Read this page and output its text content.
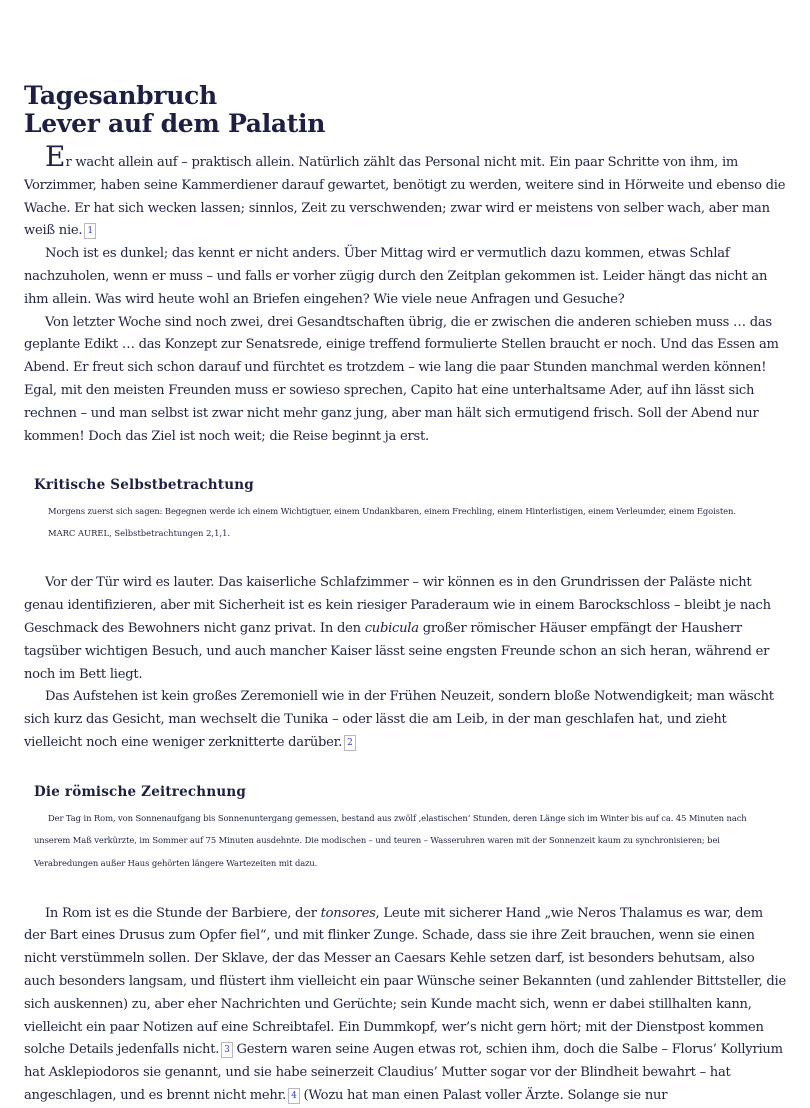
Tagesanbruch
Lever auf dem Palatin

Er wacht allein auf – praktisch allein. Natürlich zählt das Personal nicht mit. Ein paar Schritte von ihm, im Vorzimmer, haben seine Kammerdiener darauf gewartet, benötigt zu werden, weitere sind in Hörweite und ebenso die Wache. Er hat sich wecken lassen; sinnlos, Zeit zu verschwenden; zwar wird er meistens von selber wach, aber man weiß nie. 1

Noch ist es dunkel; das kennt er nicht anders. Über Mittag wird er vermutlich dazu kommen, etwas Schlaf nachzuholen, wenn er muss – und falls er vorher zügig durch den Zeitplan gekommen ist. Leider hängt das nicht an ihm allein. Was wird heute wohl an Briefen eingehen? Wie viele neue Anfragen und Gesuche?

Von letzter Woche sind noch zwei, drei Gesandtschaften übrig, die er zwischen die anderen schieben muss … das geplante Edikt … das Konzept zur Senatsrede, einige treffend formulierte Stellen braucht er noch. Und das Essen am Abend. Er freut sich schon darauf und fürchtet es trotzdem – wie lang die paar Stunden manchmal werden können! Egal, mit den meisten Freunden muss er sowieso sprechen, Capito hat eine unterhaltsame Ader, auf ihn lässt sich rechnen – und man selbst ist zwar nicht mehr ganz jung, aber man hält sich ermutigend frisch. Soll der Abend nur kommen! Doch das Ziel ist noch weit; die Reise beginnt ja erst.

Kritische Selbstbetrachtung

Morgens zuerst sich sagen: Begegnen werde ich einem Wichtigtuer, einem Undankbaren, einem Frechling, einem Hinterlistigen, einem Verleumder, einem Egoisten.

MARC AUREL, Selbstbetrachtungen 2,1,1.

Vor der Tür wird es lauter. Das kaiserliche Schlafzimmer – wir können es in den Grundrissen der Paläste nicht genau identifizieren, aber mit Sicherheit ist es kein riesiger Paraderaum wie in einem Barockschloss – bleibt je nach Geschmack des Bewohners nicht ganz privat. In den cubicula großer römischer Häuser empfängt der Hausherr tagsüber wichtigen Besuch, und auch mancher Kaiser lässt seine engsten Freunde schon an sich heran, während er noch im Bett liegt.

Das Aufstehen ist kein großes Zeremoniell wie in der Frühen Neuzeit, sondern bloße Notwendigkeit; man wäscht sich kurz das Gesicht, man wechselt die Tunika – oder lässt die am Leib, in der man geschlafen hat, und zieht vielleicht noch eine weniger zerknitterte darüber. 2

Die römische Zeitrechnung

Der Tag in Rom, von Sonnenaufgang bis Sonnenuntergang gemessen, bestand aus zwölf ‚elastischen‘ Stunden, deren Länge sich im Winter bis auf ca. 45 Minuten nach unserem Maß verkürzte, im Sommer auf 75 Minuten ausdehnte. Die modischen – und teuren – Wasseruhren waren mit der Sonnenzeit kaum zu synchronisieren; bei Verabredungen außer Haus gehörten längere Wartezeiten mit dazu.

In Rom ist es die Stunde der Barbiere, der tonsores, Leute mit sicherer Hand „wie Neros Thalamus es war, dem der Bart eines Drusus zum Opfer fiel“, und mit flinker Zunge. Schade, dass sie ihre Zeit brauchen, wenn sie einen nicht verstümmeln sollen. Der Sklave, der das Messer an Caesars Kehle setzen darf, ist besonders behutsam, also auch besonders langsam, und flüstert ihm vielleicht ein paar Wünsche seiner Bekannten (und zahlender Bittsteller, die sich auskennen) zu, aber eher Nachrichten und Gerüchte; sein Kunde macht sich, wenn er dabei stillhalten kann, vielleicht ein paar Notizen auf eine Schreibtafel. Ein Dummkopf, wer’s nicht gern hört; mit der Dienstpost kommen solche Details jedenfalls nicht. 3 Gestern waren seine Augen etwas rot, schien ihm, doch die Salbe – Florus’ Kollyrium hat Asklepiodoros sie genannt, und sie habe seinerzeit Claudius’ Mutter sogar vor der Blindheit bewahrt – hat angeschlagen, und es brennt nicht mehr. 4 (Wozu hat man einen Palast voller Ärzte. Solange sie nur
